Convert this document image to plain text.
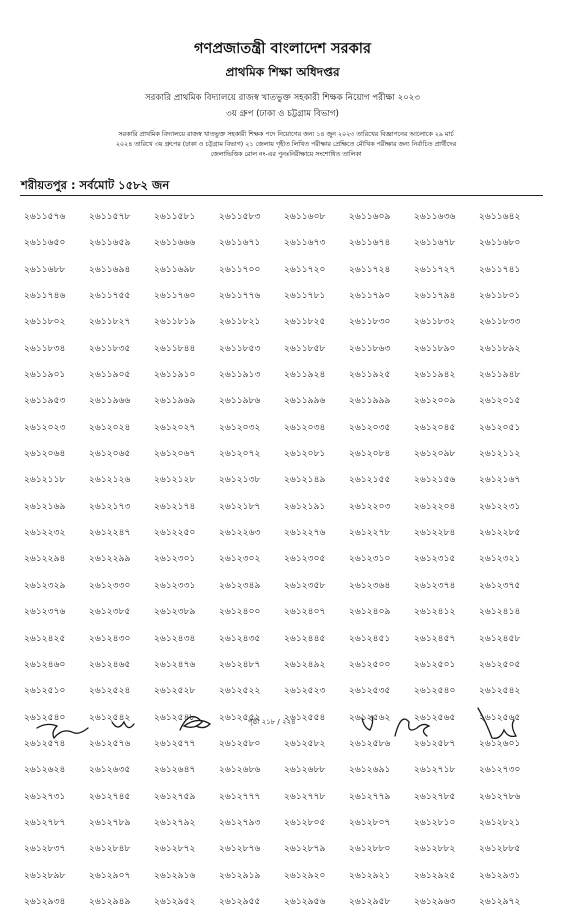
গণপ্রজাতন্ত্রী বাংলাদেশ সরকার
প্রাথমিক শিক্ষা অধিদপ্তর
সরকারি প্রাথমিক বিদ্যালয়ে রাজস্ব খাতভুক্ত সহকারী শিক্ষক নিয়োগ পরীক্ষা ২০২৩
৩য় গ্রুপ (ঢাকা ও চট্টগ্রাম বিভাগ)
সরকারি প্রাথমিক বিদ্যালয়ে রাজস্ব খাতভুক্ত সহকারী শিক্ষক পদে নিয়োগের জন্য ১৪ জুন ২০২৩ তারিখের বিজ্ঞাপনের আলোকে ২৯ মার্চ
২০২৪ তারিখে ৩য় গ্রুপের (ঢাকা ও চট্টগ্রাম বিভাগ) ২১ জেলায় গৃহীত লিখিত পরীক্ষার প্রেক্ষিতে মৌখিক পরীক্ষার জন্য নির্বাচিত প্রার্থীদের
জেলাভিত্তিক রোল নং-এর পুনঃনিরীক্ষায়ে সংশোধিত তালিকা
শরীয়তপুর : সর্বমোট ১৫৮২ জন
২৬১১৫৭৬	২৬১১৫৭৮	২৬১১৫৮১	২৬১১৫৮৩	২৬১১৬০৮	২৬১১৬০৯	২৬১১৬৩৬	২৬১১৬৪২
২৬১১৬৫০	২৬১১৬৫৯	২৬১১৬৬৬	২৬১১৬৭১	২৬১১৬৭৩	২৬১১৬৭৪	২৬১১৬৭৮	২৬১১৬৮০
২৬১১৬৮৮	২৬১১৬৯৪	২৬১১৬৯৮	২৬১১৭০০	২৬১১৭২০	২৬১১৭২৪	২৬১১৭২৭	২৬১১৭৪১
২৬১১৭৪৬	২৬১১৭৫৫	২৬১১৭৬০	২৬১১৭৭৬	২৬১১৭৮১	২৬১১৭৯০	২৬১১৭৯৪	২৬১১৮০১
২৬১১৮০২	২৬১১৮২৭	২৬১১৮১৯	২৬১১৮২১	২৬১১৮২৫	২৬১১৮৩০	২৬১১৮৩২	২৬১১৮৩৩
২৬১১৮৩৪	২৬১১৮৩৫	২৬১১৮৪৪	২৬১১৮৫৩	২৬১১৮৫৮	২৬১১৮৬৩	২৬১১৮৯০	২৬১১৮৯২
২৬১১৯০১	২৬১১৯০৫	২৬১১৯১০	২৬১১৯১৩	২৬১১৯২৪	২৬১১৯২৫	২৬১১৯৪২	২৬১১৯৪৮
২৬১১৯৫৩	২৬১১৯৬৬	২৬১১৯৬৯	২৬১১৯৮৬	২৬১১৯৯৬	২৬১১৯৯৯	২৬১২০০৯	২৬১২০১৫
২৬১২০২৩	২৬১২০২৪	২৬১২০২৭	২৬১২০৩২	২৬১২০৩৪	২৬১২০৩৫	২৬১২০৪৫	২৬১২০৫১
২৬১২০৬৪	২৬১২০৬৫	২৬১২০৬৭	২৬১২০৭২	২৬১২০৮১	২৬১২০৮৪	২৬১২০৯৮	২৬১২১১২
২৬১২১১৮	২৬১২১২৬	২৬১২১২৮	২৬১২১৩৮	২৬১২১৪৯	২৬১২১৫৫	২৬১২১৫৬	২৬১২১৬৭
২৬১২১৬৯	২৬১২১৭৩	২৬১২১৭৪	২৬১২১৮৭	২৬১২১৯১	২৬১২২০৩	২৬১২২০৪	২৬১২২৩১
২৬১২২৩২	২৬১২২৪৭	২৬১২২৫০	২৬১২২৬৩	২৬১২২৭৬	২৬১২২৭৮	২৬১২২৮৪	২৬১২২৮৫
২৬১২২৯৪	২৬১২২৯৯	২৬১২৩০১	২৬১২৩০২	২৬১২৩০৫	২৬১২৩১০	২৬১২৩১৫	২৬১২৩২১
২৬১২৩২৯	২৬১২৩৩০	২৬১২৩৩১	২৬১২৩৪৯	২৬১২৩৫৮	২৬১২৩৬৪	২৬১২৩৭৪	২৬১২৩৭৫
২৬১২৩৭৬	২৬১২৩৮৫	২৬১২৩৮৯	২৬১২৪০০	২৬১২৪০৭	২৬১২৪০৯	২৬১২৪১২	২৬১২৪১৪
২৬১২৪২৫	২৬১২৪৩০	২৬১২৪৩৪	২৬১২৪৩৫	২৬১২৪৪৫	২৬১২৪৫১	২৬১২৪৫৭	২৬১২৪৫৮
২৬১২৪৬০	২৬১২৪৬৫	২৬১২৪৭৬	২৬১২৪৮৭	২৬১২৪৯২	২৬১২৫০০	২৬১২৫০১	২৬১২৫০৫
২৬১২৫১০	২৬১২৫২৪	২৬১২৫২৮	২৬১২৫২২	২৬১২৫২৩	২৬১২৫৩৫	২৬১২৫৪০	২৬১২৫৪২
২৬১২৫৪০	২৬১২৫৪২	২৬১২৫৪৮	২৬১২৫৫২	২৬১২৫৫৪	২৬১২৫৬২	২৬১২৫৬৫	২৬১২৫৬৫
২৬১২৫৭৪	২৬১২৫৭৬	২৬১২৫৭৭	২৬১২৫৮০	২৬১২৫৮২	২৬১২৫৮৬	২৬১২৫৮৭	২৬১২৬০১
২৬১২৬২৪	২৬১২৬৩৫	২৬১২৬৪৭	২৬১২৬৮৬	২৬১২৬৮৮	২৬১২৬৯১	২৬১২৭১৮	২৬১২৭৩০
২৬১২৭৩১	২৬১২৭৪৫	২৬১২৭৫৯	২৬১২৭৭৭	২৬১২৭৭৮	২৬১২৭৭৯	২৬১২৭৮৫	২৬১২৭৮৬
২৬১২৭৮৭	২৬১২৭৮৯	২৬১২৭৯২	২৬১২৭৯৩	২৬১২৮০৫	২৬১২৮০৭	২৬১২৮১০	২৬১২৮২১
২৬১২৮৩৭	২৬১২৮৪৮	২৬১২৮৭২	২৬১২৮৭৬	২৬১২৮৭৯	২৬১২৮৮০	২৬১২৮৮২	২৬১২৮৮৫
২৬১২৮৯৮	২৬১২৯০৭	২৬১২৯১৬	২৬১২৯১৯	২৬১২৯২০	২৬১২৯২১	২৬১২৯২৫	২৬১২৯৩১
২৬১২৯৩৪	২৬১২৯৪৯	২৬১২৯৫২	২৬১২৯৫৫	২৬১২৯৫৬	২৬১২৯৫৮	২৬১২৯৬৩	২৬১২৯৭২
পৃষ্ঠা ২১৮ / ২২৪
